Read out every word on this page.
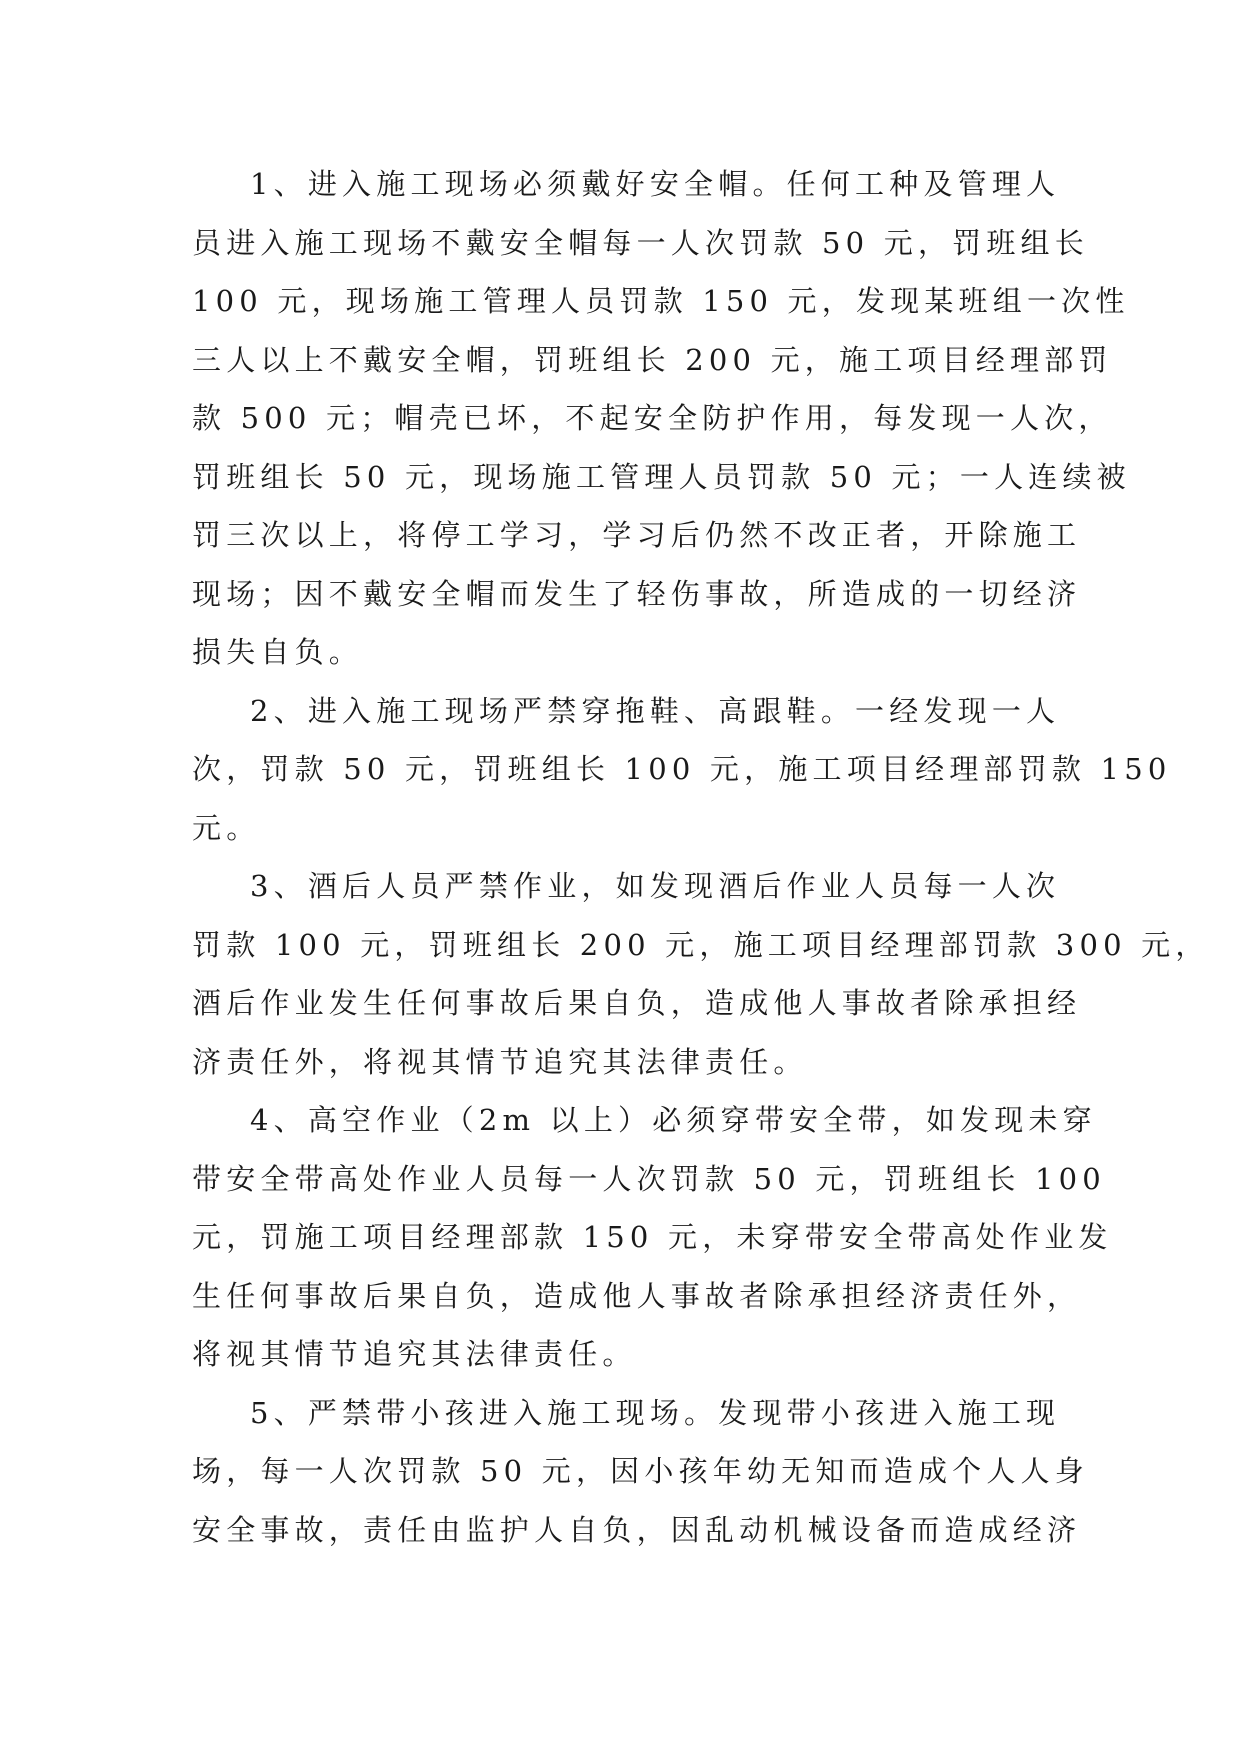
1、进入施工现场必须戴好安全帽。任何工种及管理人
员进入施工现场不戴安全帽每一人次罚款 50 元，罚班组长
100 元，现场施工管理人员罚款 150 元，发现某班组一次性
三人以上不戴安全帽，罚班组长 200 元，施工项目经理部罚
款 500 元；帽壳已坏，不起安全防护作用，每发现一人次，
罚班组长 50 元，现场施工管理人员罚款 50 元；一人连续被
罚三次以上，将停工学习，学习后仍然不改正者，开除施工
现场；因不戴安全帽而发生了轻伤事故，所造成的一切经济
损失自负。
2、进入施工现场严禁穿拖鞋、高跟鞋。一经发现一人
次，罚款 50 元，罚班组长 100 元，施工项目经理部罚款 150
元。
3、酒后人员严禁作业，如发现酒后作业人员每一人次
罚款 100 元，罚班组长 200 元，施工项目经理部罚款 300 元，
酒后作业发生任何事故后果自负，造成他人事故者除承担经
济责任外，将视其情节追究其法律责任。
4、高空作业（2m 以上）必须穿带安全带，如发现未穿
带安全带高处作业人员每一人次罚款 50 元，罚班组长 100
元，罚施工项目经理部款 150 元，未穿带安全带高处作业发
生任何事故后果自负，造成他人事故者除承担经济责任外，
将视其情节追究其法律责任。
5、严禁带小孩进入施工现场。发现带小孩进入施工现
场，每一人次罚款 50 元，因小孩年幼无知而造成个人人身
安全事故，责任由监护人自负，因乱动机械设备而造成经济
